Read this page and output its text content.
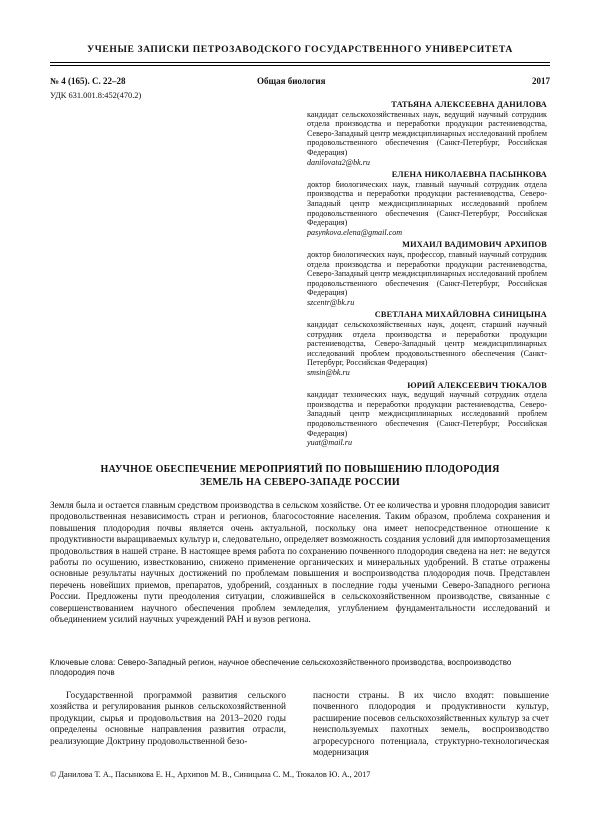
УЧЕНЫЕ ЗАПИСКИ ПЕТРОЗАВОДСКОГО ГОСУДАРСТВЕННОГО УНИВЕРСИТЕТА
№ 4 (165). С. 22–28	Общая биология	2017
УДК 631.001.8:452(470.2)
ТАТЬЯНА АЛЕКСЕЕВНА ДАНИЛОВА
кандидат сельскохозяйственных наук, ведущий научный сотрудник отдела производства и переработки продукции растениеводства, Северо-Западный центр междисциплинарных исследований проблем продовольственного обеспечения (Санкт-Петербург, Российская Федерация)
danilovata2@bk.ru
ЕЛЕНА НИКОЛАЕВНА ПАСЫНКОВА
доктор биологических наук, главный научный сотрудник отдела производства и переработки продукции растениеводства, Северо-Западный центр междисциплинарных исследований проблем продовольственного обеспечения (Санкт-Петербург, Российская Федерация)
pasynkova.elena@gmail.com
МИХАИЛ ВАДИМОВИЧ АРХИПОВ
доктор биологических наук, профессор, главный научный сотрудник отдела производства и переработки продукции растениеводства, Северо-Западный центр междисциплинарных исследований проблем продовольственного обеспечения (Санкт-Петербург, Российская Федерация)
szcentr@bk.ru
СВЕТЛАНА МИХАЙЛОВНА СИНИЦЫНА
кандидат сельскохозяйственных наук, доцент, старший научный сотрудник отдела производства и переработки продукции растениеводства, Северо-Западный центр междисциплинарных исследований проблем продовольственного обеспечения (Санкт-Петербург, Российская Федерация)
smsin@bk.ru
ЮРИЙ АЛЕКСЕЕВИЧ ТЮКАЛОВ
кандидат технических наук, ведущий научный сотрудник отдела производства и переработки продукции растениеводства, Северо-Западный центр междисциплинарных исследований проблем продовольственного обеспечения (Санкт-Петербург, Российская Федерация)
yuat@mail.ru
НАУЧНОЕ ОБЕСПЕЧЕНИЕ МЕРОПРИЯТИЙ ПО ПОВЫШЕНИЮ ПЛОДОРОДИЯ
ЗЕМЕЛЬ НА СЕВЕРО-ЗАПАДЕ РОССИИ
Земля была и остается главным средством производства в сельском хозяйстве. От ее количества и уровня плодородия зависит продовольственная независимость стран и регионов, благосостояние населения. Таким образом, проблема сохранения и повышения плодородия почвы является очень актуальной, поскольку она имеет непосредственное отношение к продуктивности выращиваемых культур и, следовательно, определяет возможность создания условий для импортозамещения продовольствия в нашей стране. В настоящее время работа по сохранению почвенного плодородия сведена на нет: не ведутся работы по осушению, известкованию, снижено применение органических и минеральных удобрений. В статье отражены основные результаты научных достижений по проблемам повышения и воспроизводства плодородия почв. Представлен перечень новейших приемов, препаратов, удобрений, созданных в последние годы учеными Северо-Западного региона России. Предложены пути преодоления ситуации, сложившейся в сельскохозяйственном производстве, связанные с совершенствованием научного обеспечения проблем земледелия, углублением фундаментальности исследований и объединением усилий научных учреждений РАН и вузов региона.
Ключевые слова: Северо-Западный регион, научное обеспечение сельскохозяйственного производства, воспроизводство плодородия почв
Государственной программой развития сельского хозяйства и регулирования рынков сельскохозяйственной продукции, сырья и продовольствия на 2013–2020 годы определены основные направления развития отрасли, реализующие Доктрину продовольственной безо-
пасности страны. В их число входят: повышение почвенного плодородия и продуктивности культур, расширение посевов сельскохозяйственных культур за счет неиспользуемых пахотных земель, воспроизводство агроресурсного потенциала, структурно-технологическая модернизация
© Данилова Т. А., Пасынкова Е. Н., Архипов М. В., Синицына С. М., Тюкалов Ю. А., 2017
